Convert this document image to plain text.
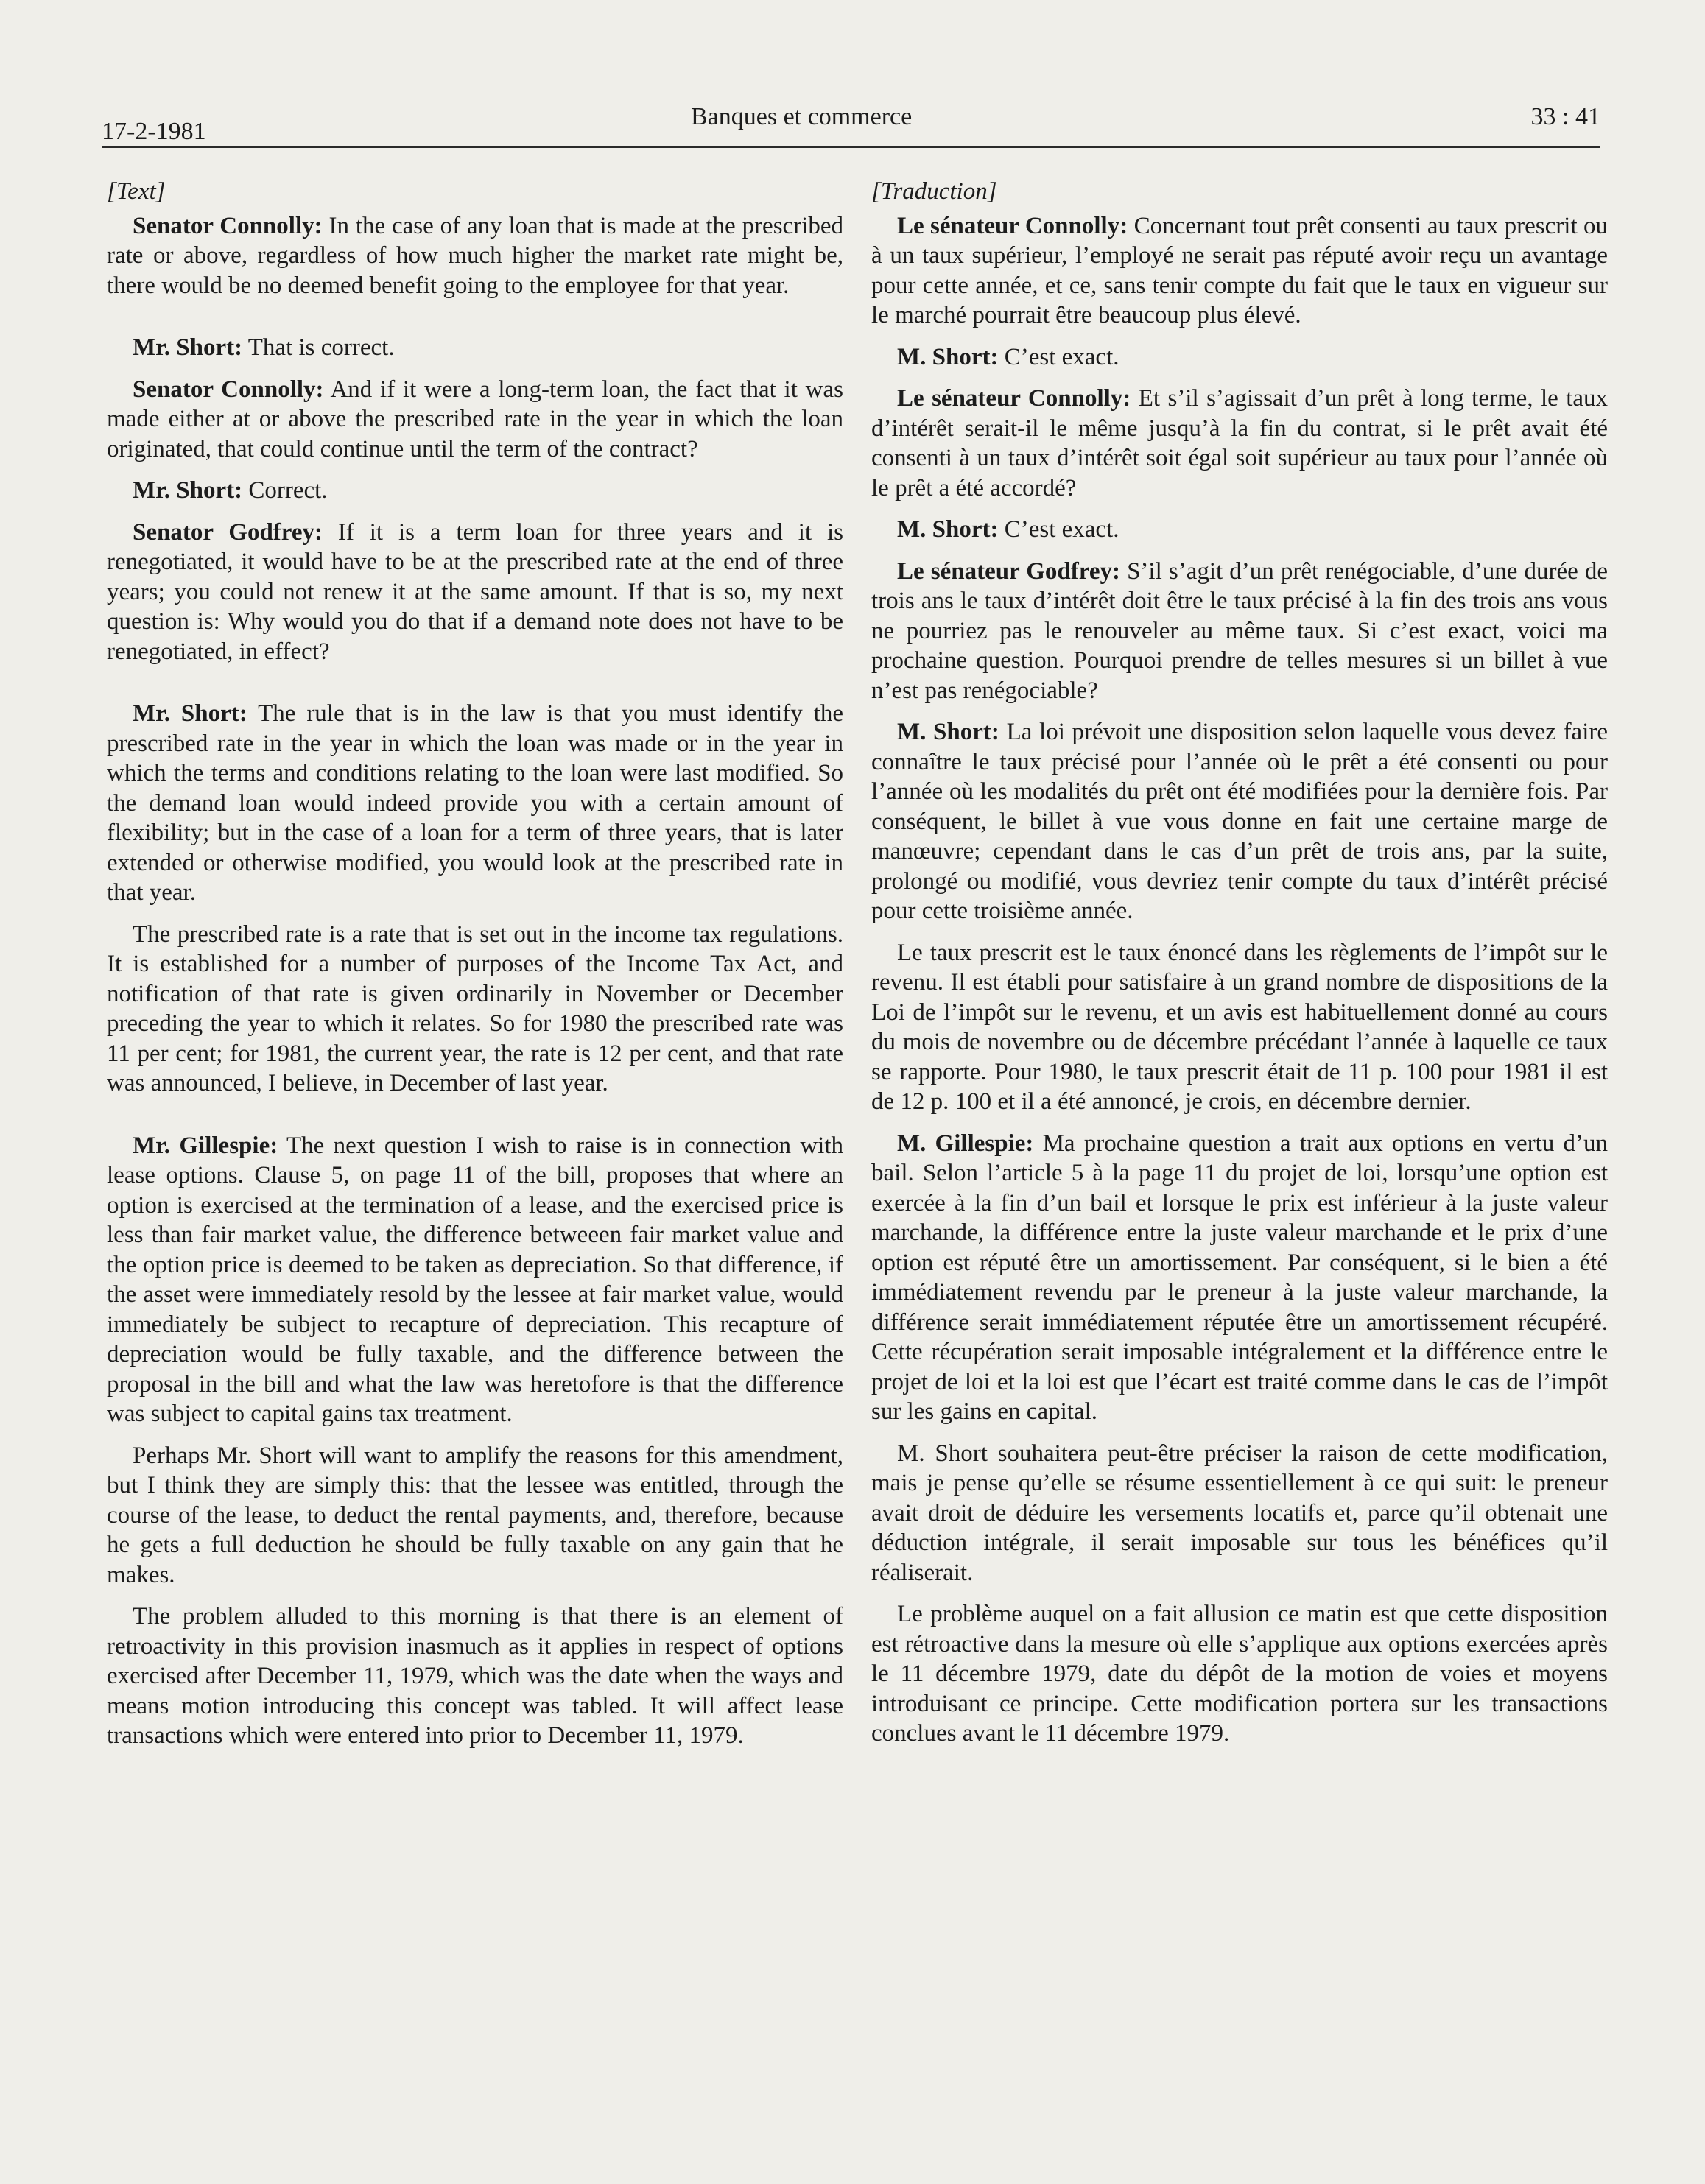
17-2-1981
Banques et commerce	33 : 41
[Text]

Senator Connolly: In the case of any loan that is made at the prescribed rate or above, regardless of how much higher the market rate might be, there would be no deemed benefit going to the employee for that year.

Mr. Short: That is correct.

Senator Connolly: And if it were a long-term loan, the fact that it was made either at or above the prescribed rate in the year in which the loan originated, that could continue until the term of the contract?

Mr. Short: Correct.

Senator Godfrey: If it is a term loan for three years and it is renegotiated, it would have to be at the prescribed rate at the end of three years; you could not renew it at the same amount. If that is so, my next question is: Why would you do that if a demand note does not have to be renegotiated, in effect?

Mr. Short: The rule that is in the law is that you must identify the prescribed rate in the year in which the loan was made or in the year in which the terms and conditions relating to the loan were last modified. So the demand loan would indeed provide you with a certain amount of flexibility; but in the case of a loan for a term of three years, that is later extended or otherwise modified, you would look at the prescribed rate in that year.

The prescribed rate is a rate that is set out in the income tax regulations. It is established for a number of purposes of the Income Tax Act, and notification of that rate is given ordinarily in November or December preceding the year to which it relates. So for 1980 the prescribed rate was 11 per cent; for 1981, the current year, the rate is 12 per cent, and that rate was announced, I believe, in December of last year.

Mr. Gillespie: The next question I wish to raise is in connection with lease options. Clause 5, on page 11 of the bill, proposes that where an option is exercised at the termination of a lease, and the exercised price is less than fair market value, the difference betweeen fair market value and the option price is deemed to be taken as depreciation. So that difference, if the asset were immediately resold by the lessee at fair market value, would immediately be subject to recapture of depreciation. This recapture of depreciation would be fully taxable, and the difference between the proposal in the bill and what the law was heretofore is that the difference was subject to capital gains tax treatment.

Perhaps Mr. Short will want to amplify the reasons for this amendment, but I think they are simply this: that the lessee was entitled, through the course of the lease, to deduct the rental payments, and, therefore, because he gets a full deduction he should be fully taxable on any gain that he makes.

The problem alluded to this morning is that there is an element of retroactivity in this provision inasmuch as it applies in respect of options exercised after December 11, 1979, which was the date when the ways and means motion introducing this concept was tabled. It will affect lease transactions which were entered into prior to December 11, 1979.

[Traduction]

Le sénateur Connolly: Concernant tout prêt consenti au taux prescrit ou à un taux supérieur, l’employé ne serait pas réputé avoir reçu un avantage pour cette année, et ce, sans tenir compte du fait que le taux en vigueur sur le marché pourrait être beaucoup plus élevé.

M. Short: C’est exact.

Le sénateur Connolly: Et s’il s’agissait d’un prêt à long terme, le taux d’intérêt serait-il le même jusqu’à la fin du contrat, si le prêt avait été consenti à un taux d’intérêt soit égal soit supérieur au taux pour l’année où le prêt a été accordé?

M. Short: C’est exact.

Le sénateur Godfrey: S’il s’agit d’un prêt renégociable, d’une durée de trois ans le taux d’intérêt doit être le taux précisé à la fin des trois ans vous ne pourriez pas le renouveler au même taux. Si c’est exact, voici ma prochaine question. Pourquoi prendre de telles mesures si un billet à vue n’est pas renégociable?

M. Short: La loi prévoit une disposition selon laquelle vous devez faire connaître le taux précisé pour l’année où le prêt a été consenti ou pour l’année où les modalités du prêt ont été modifiées pour la dernière fois. Par conséquent, le billet à vue vous donne en fait une certaine marge de manœuvre; cependant dans le cas d’un prêt de trois ans, par la suite, prolongé ou modifié, vous devriez tenir compte du taux d’intérêt précisé pour cette troisième année.

Le taux prescrit est le taux énoncé dans les règlements de l’impôt sur le revenu. Il est établi pour satisfaire à un grand nombre de dispositions de la Loi de l’impôt sur le revenu, et un avis est habituellement donné au cours du mois de novembre ou de décembre précédant l’année à laquelle ce taux se rapporte. Pour 1980, le taux prescrit était de 11 p. 100 pour 1981 il est de 12 p. 100 et il a été annoncé, je crois, en décembre dernier.

M. Gillespie: Ma prochaine question a trait aux options en vertu d’un bail. Selon l’article 5 à la page 11 du projet de loi, lorsqu’une option est exercée à la fin d’un bail et lorsque le prix est inférieur à la juste valeur marchande, la différence entre la juste valeur marchande et le prix d’une option est réputé être un amortissement. Par conséquent, si le bien a été immédiatement revendu par le preneur à la juste valeur marchande, la différence serait immédiatement réputée être un amortissement récupéré. Cette récupération serait imposable intégralement et la différence entre le projet de loi et la loi est que l’écart est traité comme dans le cas de l’impôt sur les gains en capital.

M. Short souhaitera peut-être préciser la raison de cette modification, mais je pense qu’elle se résume essentiellement à ce qui suit: le preneur avait droit de déduire les versements locatifs et, parce qu’il obtenait une déduction intégrale, il serait imposable sur tous les bénéfices qu’il réaliserait.

Le problème auquel on a fait allusion ce matin est que cette disposition est rétroactive dans la mesure où elle s’applique aux options exercées après le 11 décembre 1979, date du dépôt de la motion de voies et moyens introduisant ce principe. Cette modification portera sur les transactions conclues avant le 11 décembre 1979.
